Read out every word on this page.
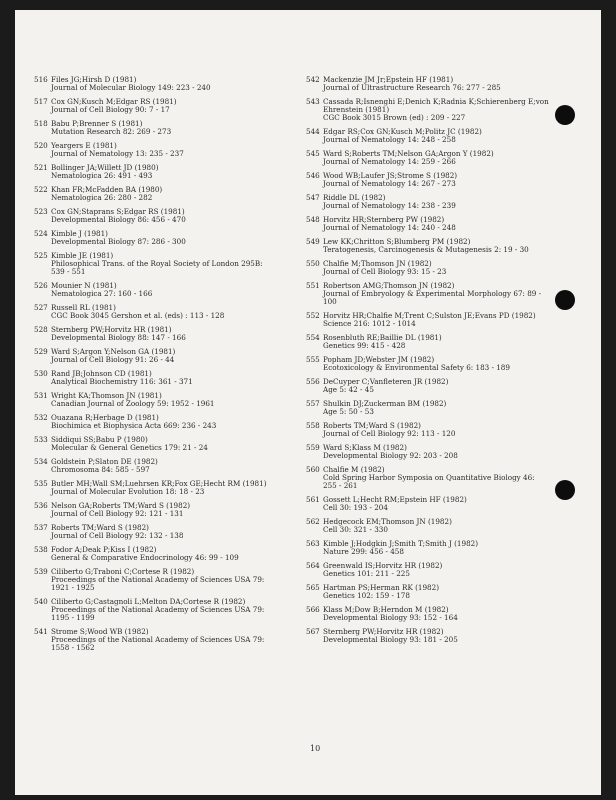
516 Files JG;Hirsh D (1981)
Journal of Molecular Biology 149: 223 - 240
517 Cox GN;Kusch M;Edgar RS (1981)
Journal of Cell Biology 90: 7 - 17
518 Babu P;Brenner S (1981)
Mutation Research 82: 269 - 273
520 Yeargers E (1981)
Journal of Nematology 13: 235 - 237
521 Bollinger JA;Willett JD (1980)
Nematologica 26: 491 - 493
522 Khan FR;McFadden BA (1980)
Nematologica 26: 280 - 282
523 Cox GN;Staprans S;Edgar RS (1981)
Developmental Biology 86: 456 - 470
524 Kimble J (1981)
Developmental Biology 87: 286 - 300
525 Kimble JE (1981)
Philosophical Trans. of the Royal Society of London 295B:
539 - 551
526 Mounier N (1981)
Nematologica 27: 160 - 166
527 Russell RL (1981)
CGC Book 3045 Gershon et al. (eds) : 113 - 128
528 Sternberg PW;Horvitz HR (1981)
Developmental Biology 88: 147 - 166
529 Ward S;Argon Y;Nelson GA (1981)
Journal of Cell Biology 91: 26 - 44
530 Rand JB;Johnson CD (1981)
Analytical Biochemistry 116: 361 - 371
531 Wright KA;Thomson JN (1981)
Canadian Journal of Zoology 59: 1952 - 1961
532 Ouazana R;Herbage D (1981)
Biochimica et Biophysica Acta 669: 236 - 243
533 Siddiqui SS;Babu P (1980)
Molecular & General Genetics 179: 21 - 24
534 Goldstein P;Slaton DE (1982)
Chromosoma 84: 585 - 597
535 Butler MH;Wall SM;Luehrsen KR;Fox GE;Hecht RM (1981)
Journal of Molecular Evolution 18: 18 - 23
536 Nelson GA;Roberts TM;Ward S (1982)
Journal of Cell Biology 92: 121 - 131
537 Roberts TM;Ward S (1982)
Journal of Cell Biology 92: 132 - 138
538 Fodor A;Deak P;Kiss I (1982)
General & Comparative Endocrinology 46: 99 - 109
539 Ciliberto G;Traboni C;Cortese R (1982)
Proceedings of the National Academy of Sciences USA 79:
1921 - 1925
540 Ciliberto G;Castagnoli L;Melton DA;Cortese R (1982)
Proceedings of the National Academy of Sciences USA 79:
1195 - 1199
541 Strome S;Wood WB (1982)
Proceedings of the National Academy of Sciences USA 79:
1558 - 1562
542 Mackenzie JM Jr;Epstein HF (1981)
Journal of Ultrastructure Research 76: 277 - 285
543 Cassada R;Isnenghi E;Denich K;Radnia K;Schierenberg E;von
Ehrenstein (1981)
CGC Book 3015 Brown (ed) : 209 - 227
544 Edgar RS;Cox GN;Kusch M;Politz JC (1982)
Journal of Nematology 14: 248 - 258
545 Ward S;Roberts TM;Nelson GA;Argon Y (1982)
Journal of Nematology 14: 259 - 266
546 Wood WB;Laufer JS;Strome S (1982)
Journal of Nematology 14: 267 - 273
547 Riddle DL (1982)
Journal of Nematology 14: 238 - 239
548 Horvitz HR;Sternberg PW (1982)
Journal of Nematology 14: 240 - 248
549 Lew KK;Chritton S;Blumberg PM (1982)
Teratogenesis, Carcinogenesis & Mutagenesis 2: 19 - 30
550 Chalfie M;Thomson JN (1982)
Journal of Cell Biology 93: 15 - 23
551 Robertson AMG;Thomson JN (1982)
Journal of Embryology & Experimental Morphology 67: 89 -
100
552 Horvitz HR;Chalfie M;Trent C;Sulston JE;Evans PD (1982)
Science 216: 1012 - 1014
554 Rosenbluth RE;Baillie DL (1981)
Genetics 99: 415 - 428
555 Popham JD;Webster JM (1982)
Ecotoxicology & Environmental Safety 6: 183 - 189
556 DeCuyper C;Vanfleteren JR (1982)
Age 5: 42 - 45
557 Shulkin DJ;Zuckerman BM (1982)
Age 5: 50 - 53
558 Roberts TM;Ward S (1982)
Journal of Cell Biology 92: 113 - 120
559 Ward S;Klass M (1982)
Developmental Biology 92: 203 - 208
560 Chalfie M (1982)
Cold Spring Harbor Symposia on Quantitative Biology 46:
255 - 261
561 Gossett L;Hecht RM;Epstein HF (1982)
Cell 30: 193 - 204
562 Hedgecock EM;Thomson JN (1982)
Cell 30: 321 - 330
563 Kimble J;Hodgkin J;Smith T;Smith J (1982)
Nature 299: 456 - 458
564 Greenwald IS;Horvitz HR (1982)
Genetics 101: 211 - 225
565 Hartman PS;Herman RK (1982)
Genetics 102: 159 - 178
566 Klass M;Dow B;Herndon M (1982)
Developmental Biology 93: 152 - 164
567 Sternberg PW;Horvitz HR (1982)
Developmental Biology 93: 181 - 205
10
